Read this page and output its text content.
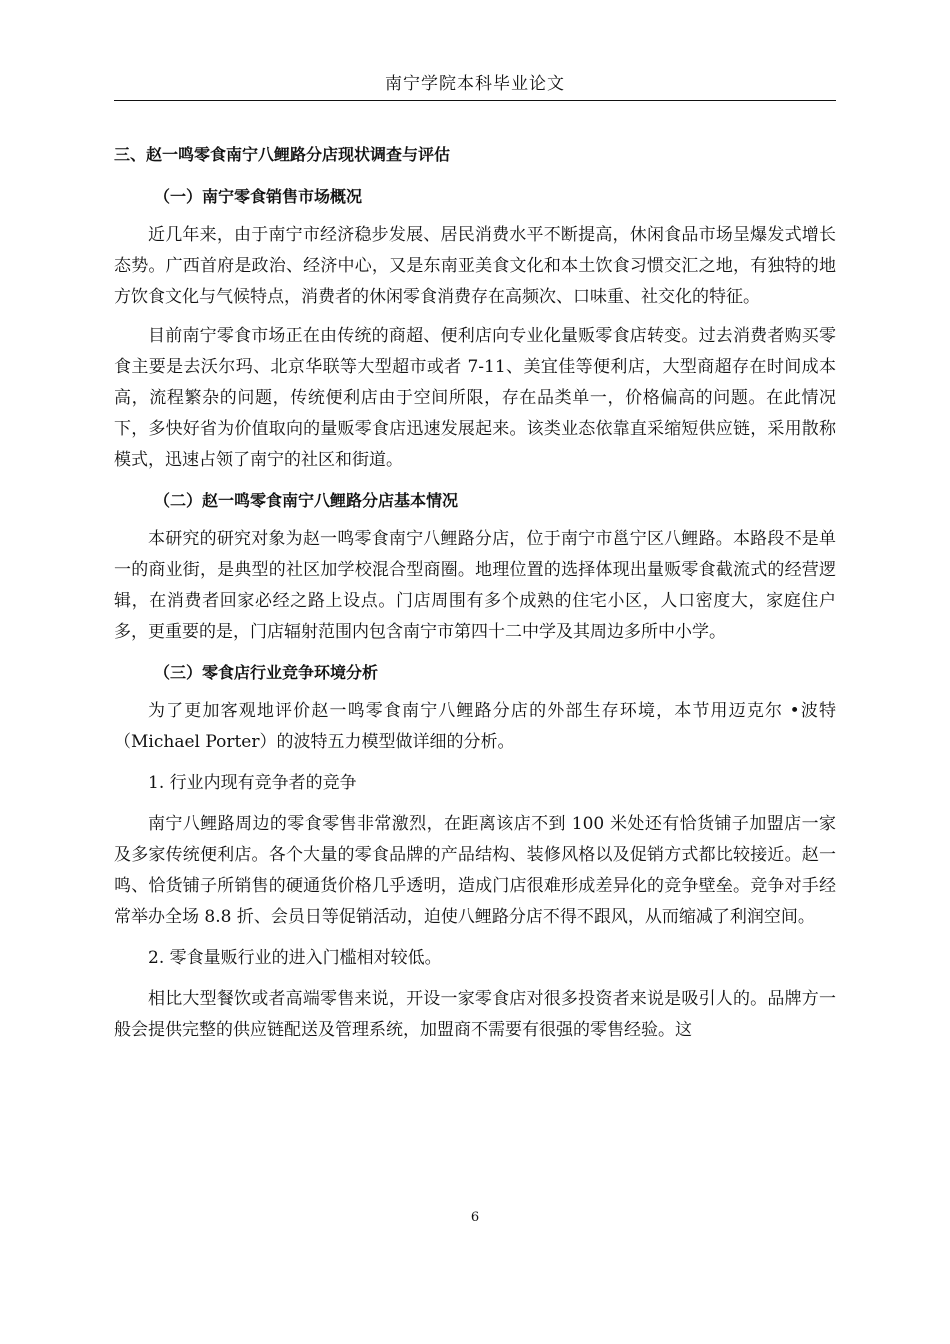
南宁学院本科毕业论文
三、赵一鸣零食南宁八鲤路分店现状调查与评估
（一）南宁零食销售市场概况

近几年来，由于南宁市经济稳步发展、居民消费水平不断提高，休闲食品市场呈爆发式增长态势。广西首府是政治、经济中心，又是东南亚美食文化和本土饮食习惯交汇之地，有独特的地方饮食文化与气候特点，消费者的休闲零食消费存在高频次、口味重、社交化的特征。

目前南宁零食市场正在由传统的商超、便利店向专业化量贩零食店转变。过去消费者购买零食主要是去沃尔玛、北京华联等大型超市或者 7-11、美宜佳等便利店，大型商超存在时间成本高，流程繁杂的问题，传统便利店由于空间所限，存在品类单一，价格偏高的问题。在此情况下，多快好省为价值取向的量贩零食店迅速发展起来。该类业态依靠直采缩短供应链，采用散称模式，迅速占领了南宁的社区和街道。

（二）赵一鸣零食南宁八鲤路分店基本情况

本研究的研究对象为赵一鸣零食南宁八鲤路分店，位于南宁市邕宁区八鲤路。本路段不是单一的商业街，是典型的社区加学校混合型商圈。地理位置的选择体现出量贩零食截流式的经营逻辑，在消费者回家必经之路上设点。门店周围有多个成熟的住宅小区，人口密度大，家庭住户多，更重要的是，门店辐射范围内包含南宁市第四十二中学及其周边多所中小学。

（三）零食店行业竞争环境分析

为了更加客观地评价赵一鸣零食南宁八鲤路分店的外部生存环境，本节用迈克尔 •波特（Michael Porter）的波特五力模型做详细的分析。

1. 行业内现有竞争者的竞争

南宁八鲤路周边的零食零售非常激烈，在距离该店不到 100 米处还有恰货铺子加盟店一家及多家传统便利店。各个大量的零食品牌的产品结构、装修风格以及促销方式都比较接近。赵一鸣、恰货铺子所销售的硬通货价格几乎透明，造成门店很难形成差异化的竞争壁垒。竞争对手经常举办全场 8.8 折、会员日等促销活动，迫使八鲤路分店不得不跟风，从而缩减了利润空间。

2. 零食量贩行业的进入门槛相对较低。

相比大型餐饮或者高端零售来说，开设一家零食店对很多投资者来说是吸引人的。品牌方一般会提供完整的供应链配送及管理系统，加盟商不需要有很强的零售经验。这

6
